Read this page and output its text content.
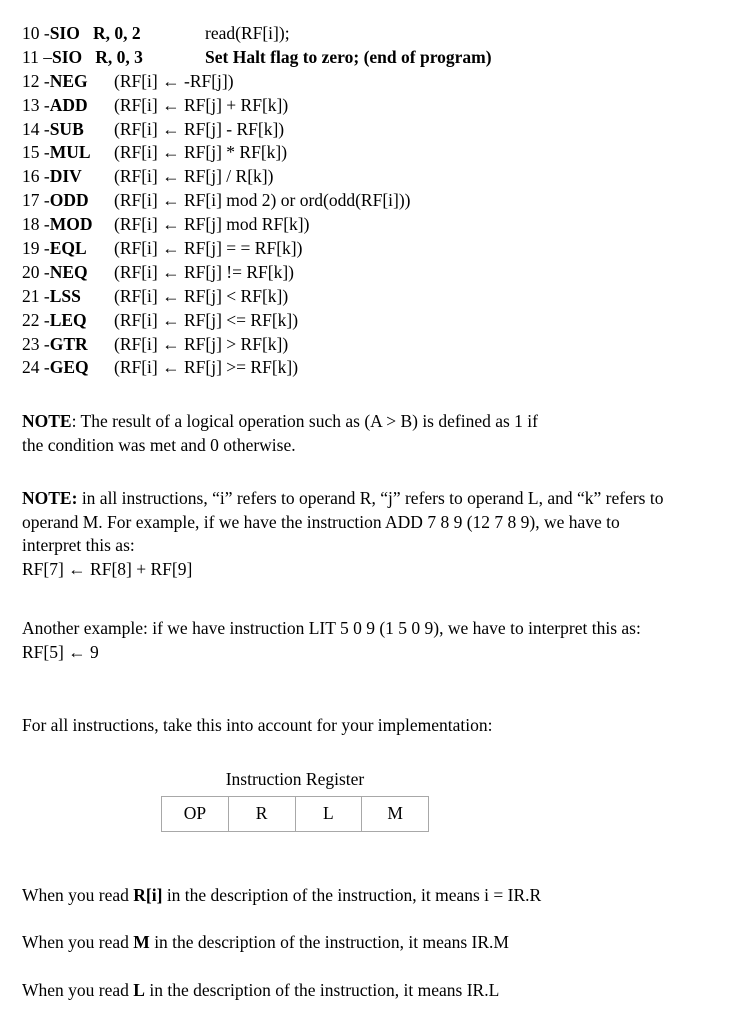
10 -SIO R, 0, 2	read(RF[i]);
11 –SIO R, 0, 3	Set Halt flag to zero; (end of program)
12 -NEG (RF[i] ← -RF[j])
13 -ADD (RF[i] ← RF[j] + RF[k])
14 -SUB (RF[i] ← RF[j] - RF[k])
15 -MUL (RF[i] ← RF[j] * RF[k])
16 -DIV (RF[i] ← RF[j] / R[k])
17 -ODD (RF[i] ← RF[i] mod 2) or ord(odd(RF[i]))
18 -MOD (RF[i] ← RF[j] mod RF[k])
19 -EQL (RF[i] ← RF[j] = = RF[k])
20 -NEQ (RF[i] ← RF[j] != RF[k])
21 -LSS (RF[i] ← RF[j] < RF[k])
22 -LEQ (RF[i] ← RF[j] <= RF[k])
23 -GTR (RF[i] ← RF[j] > RF[k])
24 -GEQ (RF[i] ← RF[j] >= RF[k])

NOTE: The result of a logical operation such as (A > B) is defined as 1 if

the condition was met and 0 otherwise.

NOTE: in all instructions, “i” refers to operand R, “j” refers to operand L, and “k” refers to

operand M. For example, if we have the instruction ADD 7 8 9 (12 7 8 9), we have to

interpret this as:

RF[7] ← RF[8] + RF[9]

Another example: if we have instruction LIT 5 0 9 (1 5 0 9), we have to interpret this as:

RF[5] ← 9

For all instructions, take this into account for your implementation:

Instruction Register
OP	R	L	M

When you read R[i] in the description of the instruction, it means i = IR.R

When you read M in the description of the instruction, it means IR.M

When you read L in the description of the instruction, it means IR.L
